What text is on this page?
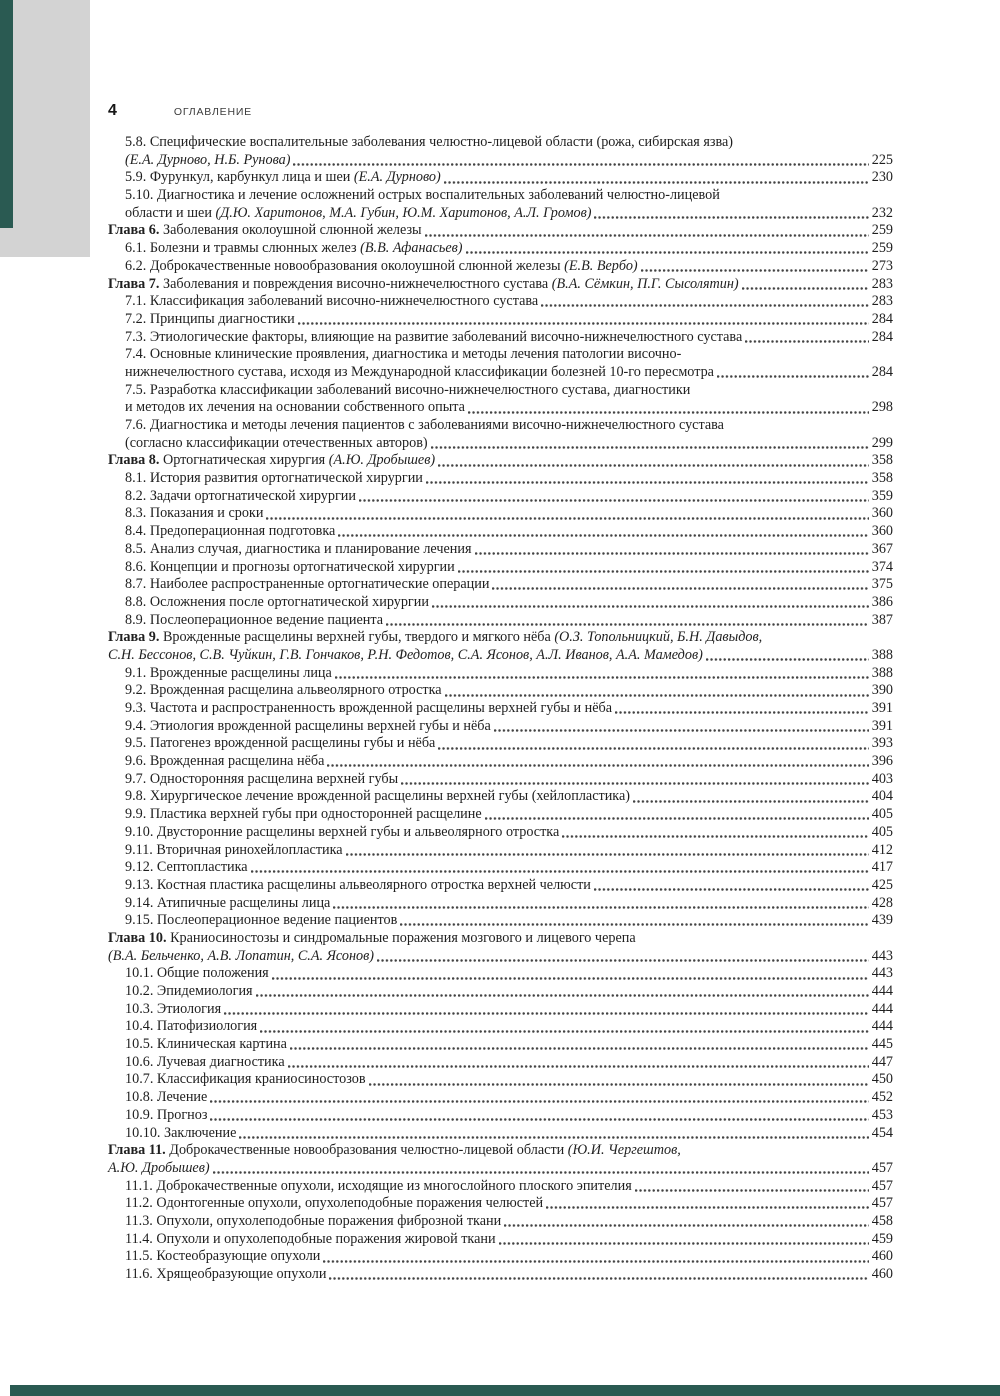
4	ОГЛАВЛЕНИЕ
5.8. Специфические воспалительные заболевания челюстно-лицевой области (рожа, сибирская язва)
(Е.А. Дурново, Н.Б. Рунова)	225
5.9. Фурункул, карбункул лица и шеи (Е.А. Дурново)	230
5.10. Диагностика и лечение осложнений острых воспалительных заболеваний челюстно-лицевой
области и шеи (Д.Ю. Харитонов, М.А. Губин, Ю.М. Харитонов, А.Л. Громов)	232
Глава 6. Заболевания околоушной слюнной железы	259
6.1. Болезни и травмы слюнных желез (В.В. Афанасьев)	259
6.2. Доброкачественные новообразования околоушной слюнной железы (Е.В. Вербо)	273
Глава 7. Заболевания и повреждения височно-нижнечелюстного сустава (В.А. Сёмкин, П.Г. Сысолятин)	283
7.1. Классификация заболеваний височно-нижнечелюстного сустава	283
7.2. Принципы диагностики	284
7.3. Этиологические факторы, влияющие на развитие заболеваний височно-нижнечелюстного сустава	284
7.4. Основные клинические проявления, диагностика и методы лечения патологии височно-
нижнечелюстного сустава, исходя из Международной классификации болезней 10-го пересмотра	284
7.5. Разработка классификации заболеваний височно-нижнечелюстного сустава, диагностики
и методов их лечения на основании собственного опыта	298
7.6. Диагностика и методы лечения пациентов с заболеваниями височно-нижнечелюстного сустава
(согласно классификации отечественных авторов)	299
Глава 8. Ортогнатическая хирургия (А.Ю. Дробышев)	358
8.1. История развития ортогнатической хирургии	358
8.2. Задачи ортогнатической хирургии	359
8.3. Показания и сроки	360
8.4. Предоперационная подготовка	360
8.5. Анализ случая, диагностика и планирование лечения	367
8.6. Концепции и прогнозы ортогнатической хирургии	374
8.7. Наиболее распространенные ортогнатические операции	375
8.8. Осложнения после ортогнатической хирургии	386
8.9. Послеоперационное ведение пациента	387
Глава 9. Врожденные расщелины верхней губы, твердого и мягкого нёба (О.З. Топольницкий, Б.Н. Давыдов,
С.Н. Бессонов, С.В. Чуйкин, Г.В. Гончаков, Р.Н. Федотов, С.А. Ясонов, А.Л. Иванов, А.А. Мамедов)	388
9.1. Врожденные расщелины лица	388
9.2. Врожденная расщелина альвеолярного отростка	390
9.3. Частота и распространенность врожденной расщелины верхней губы и нёба	391
9.4. Этиология врожденной расщелины верхней губы и нёба	391
9.5. Патогенез врожденной расщелины губы и нёба	393
9.6. Врожденная расщелина нёба	396
9.7. Односторонняя расщелина верхней губы	403
9.8. Хирургическое лечение врожденной расщелины верхней губы (хейлопластика)	404
9.9. Пластика верхней губы при односторонней расщелине	405
9.10. Двусторонние расщелины верхней губы и альвеолярного отростка	405
9.11. Вторичная ринохейлопластика	412
9.12. Септопластика	417
9.13. Костная пластика расщелины альвеолярного отростка верхней челюсти	425
9.14. Атипичные расщелины лица	428
9.15. Послеоперационное ведение пациентов	439
Глава 10. Краниосиностозы и синдромальные поражения мозгового и лицевого черепа
(В.А. Бельченко, А.В. Лопатин, С.А. Ясонов)	443
10.1. Общие положения	443
10.2. Эпидемиология	444
10.3. Этиология	444
10.4. Патофизиология	444
10.5. Клиническая картина	445
10.6. Лучевая диагностика	447
10.7. Классификация краниосиностозов	450
10.8. Лечение	452
10.9. Прогноз	453
10.10. Заключение	454
Глава 11. Доброкачественные новообразования челюстно-лицевой области (Ю.И. Чергештов,
А.Ю. Дробышев)	457
11.1. Доброкачественные опухоли, исходящие из многослойного плоского эпителия	457
11.2. Одонтогенные опухоли, опухолеподобные поражения челюстей	457
11.3. Опухоли, опухолеподобные поражения фиброзной ткани	458
11.4. Опухоли и опухолеподобные поражения жировой ткани	459
11.5. Костеобразующие опухоли	460
11.6. Хрящеобразующие опухоли	460
